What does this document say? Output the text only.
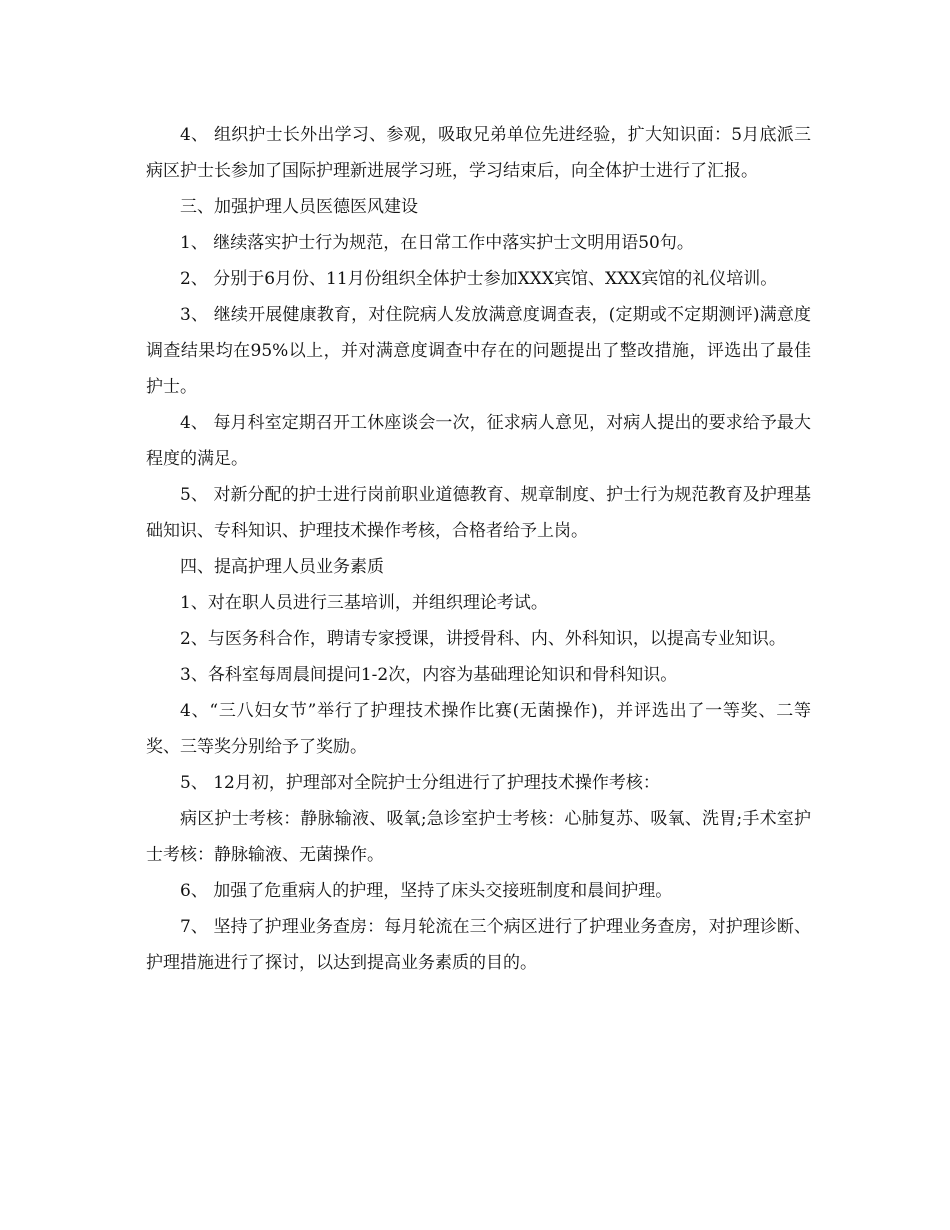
4、 组织护士长外出学习、参观，吸取兄弟单位先进经验，扩大知识面：5月底派三病区护士长参加了国际护理新进展学习班，学习结束后，向全体护士进行了汇报。

三、加强护理人员医德医风建设

1、 继续落实护士行为规范，在日常工作中落实护士文明用语50句。

2、 分别于6月份、11月份组织全体护士参加XXX宾馆、XXX宾馆的礼仪培训。

3、 继续开展健康教育，对住院病人发放满意度调查表，(定期或不定期测评)满意度调查结果均在95%以上，并对满意度调查中存在的问题提出了整改措施，评选出了最佳护士。

4、 每月科室定期召开工休座谈会一次，征求病人意见，对病人提出的要求给予最大程度的满足。

5、 对新分配的护士进行岗前职业道德教育、规章制度、护士行为规范教育及护理基础知识、专科知识、护理技术操作考核，合格者给予上岗。

四、提高护理人员业务素质

1、对在职人员进行三基培训，并组织理论考试。

2、与医务科合作，聘请专家授课，讲授骨科、内、外科知识，以提高专业知识。

3、各科室每周晨间提问1-2次，内容为基础理论知识和骨科知识。

4、“三八妇女节”举行了护理技术操作比赛(无菌操作)，并评选出了一等奖、二等奖、三等奖分别给予了奖励。

5、 12月初，护理部对全院护士分组进行了护理技术操作考核：

病区护士考核：静脉输液、吸氧;急诊室护士考核：心肺复苏、吸氧、洗胃;手术室护士考核：静脉输液、无菌操作。

6、 加强了危重病人的护理，坚持了床头交接班制度和晨间护理。

7、 坚持了护理业务查房：每月轮流在三个病区进行了护理业务查房，对护理诊断、护理措施进行了探讨，以达到提高业务素质的目的。
